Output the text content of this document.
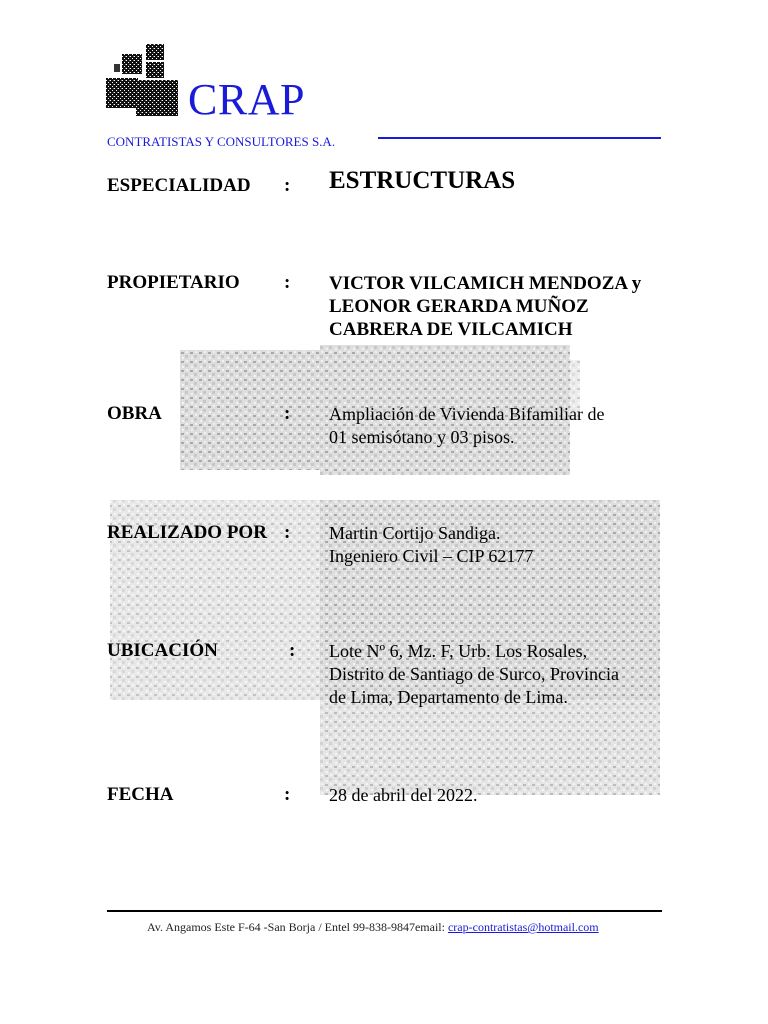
CRAP
CONTRATISTAS Y CONSULTORES S.A.
ESPECIALIDAD : ESTRUCTURAS
PROPIETARIO : VICTOR VILCAMICH MENDOZA y
LEONOR GERARDA MUÑOZ
CABRERA DE VILCAMICH
OBRA	: Ampliación de Vivienda Bifamiliar de
01 semisótano y 03 pisos.
REALIZADO POR : Martin Cortijo Sandiga.
Ingeniero Civil – CIP 62177
UBICACIÓN	: Lote Nº 6, Mz. F, Urb. Los Rosales,
Distrito de Santiago de Surco, Provincia
de Lima, Departamento de Lima.
FECHA	: 28 de abril del 2022.
Av. Angamos Este F-64 -San Borja / Entel 99-838-9847email: crap-contratistas@hotmail.com
